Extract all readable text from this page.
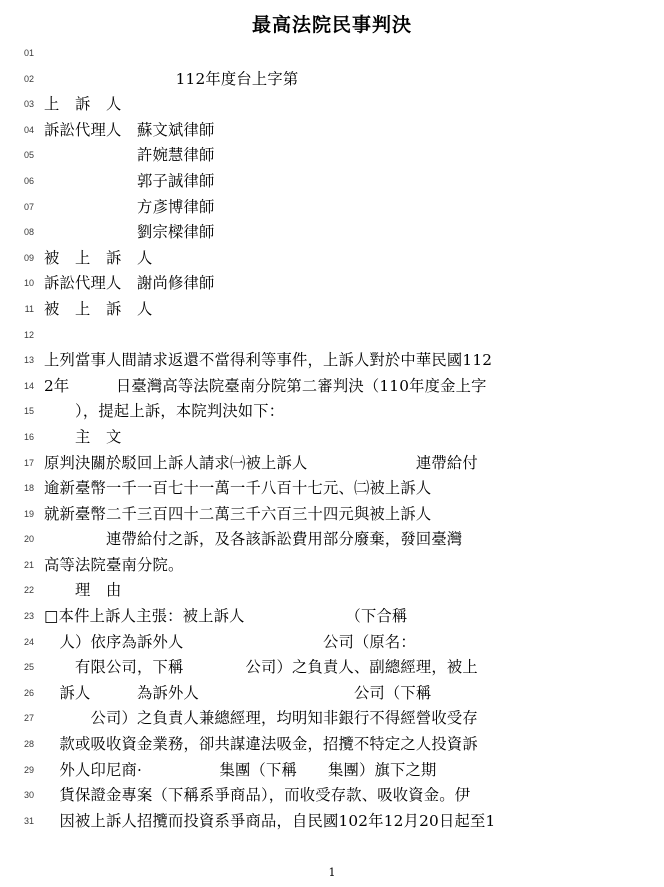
最高法院民事判決
01
02 112年度台上字第
03 上　訴　人
04 訴訟代理人　蘇文斌律師
05 　　　　　　許婉慧律師
06 　　　　　　郭子誠律師
07 　　　　　　方彥博律師
08 　　　　　　劉宗樑律師
09 被　上　訴　人
10 訴訟代理人　謝尚修律師
11 被　上　訴　人
12
13 上列當事人間請求返還不當得利等事件，上訴人對於中華民國112
14 2年　　　日臺灣高等法院臺南分院第二審判決（110年度金上字
15 　　），提起上訴，本院判決如下：
16 　　主　文
17 原判決關於駁回上訴人請求㈠被上訴人　　　　　　　連帶給付
18 逾新臺幣一千一百七十一萬一千八百十七元、㈡被上訴人
19 就新臺幣二千三百四十二萬三千六百三十四元與被上訴人
20 　　　　連帶給付之訴，及各該訴訟費用部分廢棄，發回臺灣
21 高等法院臺南分院。
22 　　理　由
23 □本件上訴人主張：被上訴人　　　　　　　（下合稱
24 　人）依序為訴外人　　　　　　　　　公司（原名：
25 　　有限公司，下稱　　　　公司）之負責人、副總經理，被上
26 　訴人　　　為訴外人　　　　　　　　　　公司（下稱
27 　　　公司）之負責人兼總經理，均明知非銀行不得經營收受存
28 　款或吸收資金業務，卻共謀違法吸金，招攬不特定之人投資訴
29 　外人印尼商·　　　　　集團（下稱　　集團）旗下之期
30 　貨保證金專案（下稱系爭商品），而收受存款、吸收資金。伊
31 　因被上訴人招攬而投資系爭商品，自民國102年12月20日起至1
1
